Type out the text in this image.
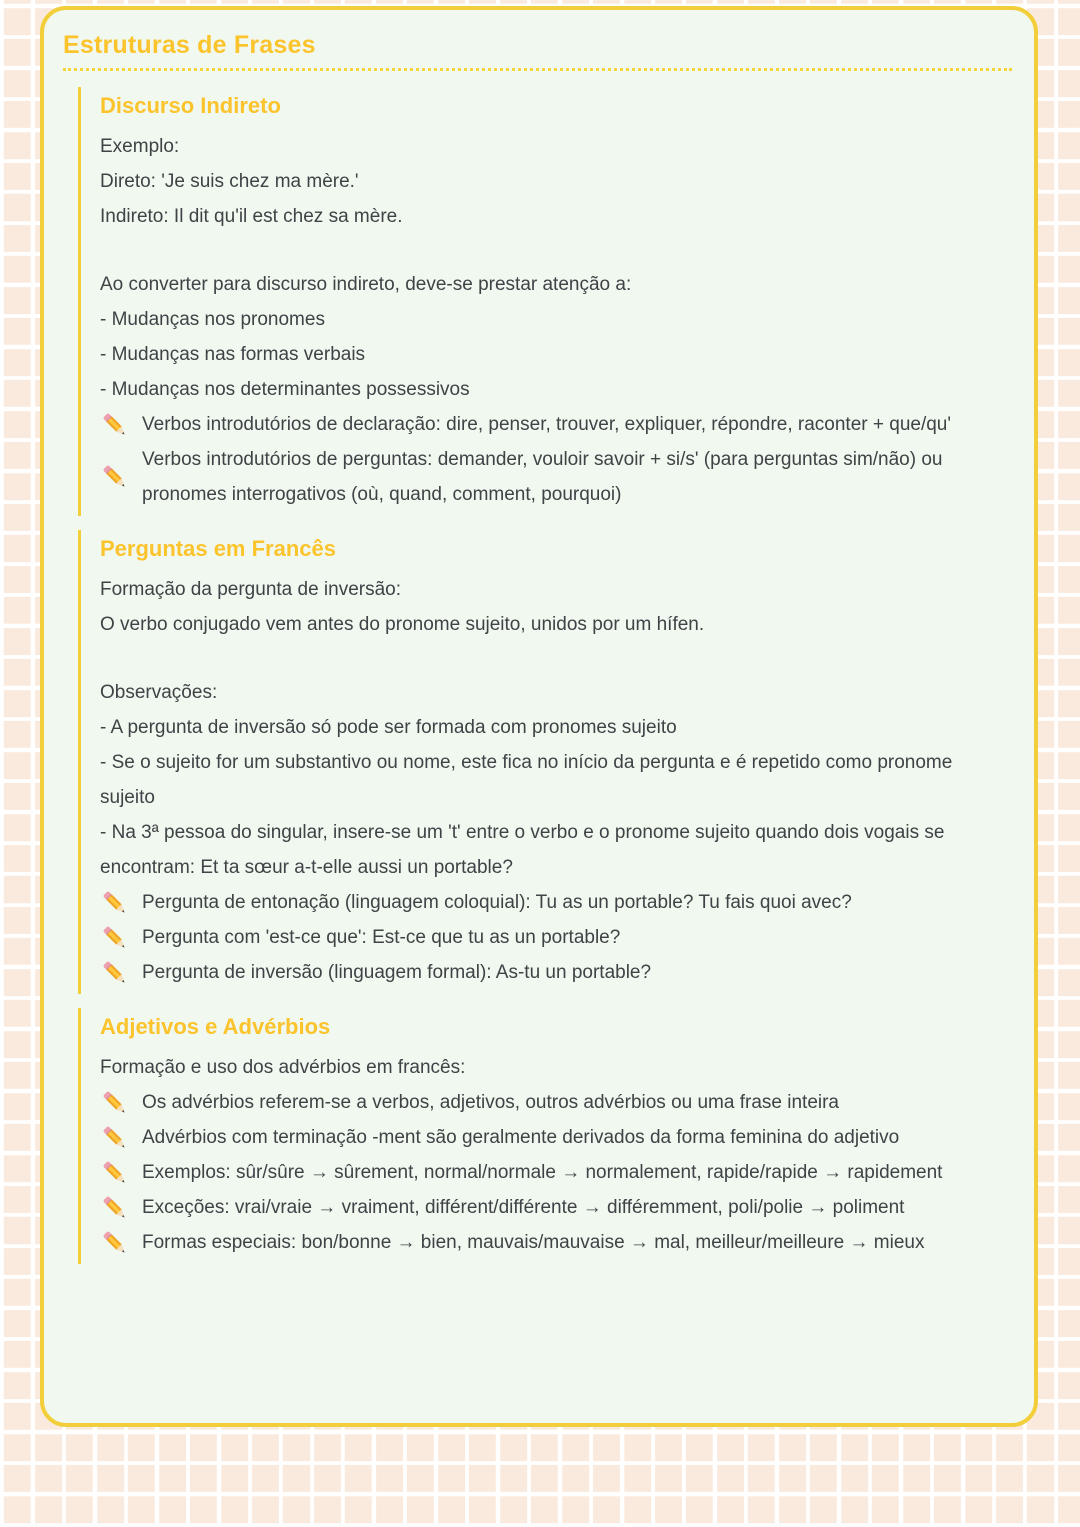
Estruturas de Frases
Discurso Indireto
Exemplo:
Direto: 'Je suis chez ma mère.'
Indireto: Il dit qu'il est chez sa mère.
Ao converter para discurso indireto, deve-se prestar atenção a:
- Mudanças nos pronomes
- Mudanças nas formas verbais
- Mudanças nos determinantes possessivos
Verbos introdutórios de declaração: dire, penser, trouver, expliquer, répondre, raconter + que/qu'
Verbos introdutórios de perguntas: demander, vouloir savoir + si/s' (para perguntas sim/não) ou pronomes interrogativos (où, quand, comment, pourquoi)
Perguntas em Francês
Formação da pergunta de inversão:
O verbo conjugado vem antes do pronome sujeito, unidos por um hífen.
Observações:
- A pergunta de inversão só pode ser formada com pronomes sujeito
- Se o sujeito for um substantivo ou nome, este fica no início da pergunta e é repetido como pronome sujeito
- Na 3ª pessoa do singular, insere-se um 't' entre o verbo e o pronome sujeito quando dois vogais se encontram: Et ta sœur a-t-elle aussi un portable?
Pergunta de entonação (linguagem coloquial): Tu as un portable? Tu fais quoi avec?
Pergunta com 'est-ce que': Est-ce que tu as un portable?
Pergunta de inversão (linguagem formal): As-tu un portable?
Adjetivos e Advérbios
Formação e uso dos advérbios em francês:
Os advérbios referem-se a verbos, adjetivos, outros advérbios ou uma frase inteira
Advérbios com terminação -ment são geralmente derivados da forma feminina do adjetivo
Exemplos: sûr/sûre → sûrement, normal/normale → normalement, rapide/rapide → rapidement
Exceções: vrai/vraie → vraiment, différent/différente → différemment, poli/polie → poliment
Formas especiais: bon/bonne → bien, mauvais/mauvaise → mal, meilleur/meilleure → mieux
